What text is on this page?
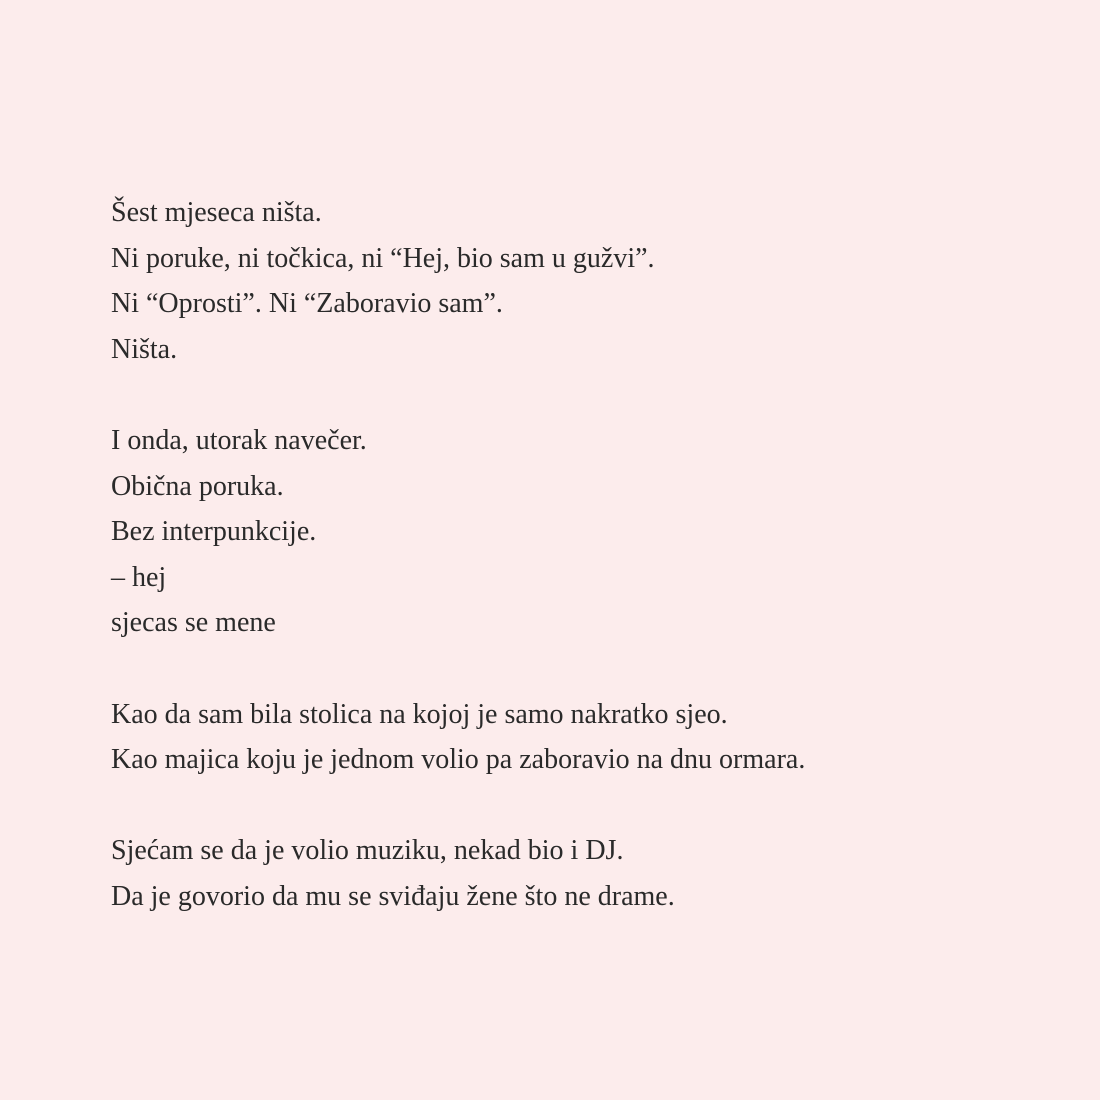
Šest mjeseca ništa.
Ni poruke, ni točkica, ni “Hej, bio sam u gužvi”.
Ni “Oprosti”. Ni “Zaboravio sam”.
Ništa.

I onda, utorak navečer.
Obična poruka.
Bez interpunkcije.
– hej
sjecas se mene

Kao da sam bila stolica na kojoj je samo nakratko sjeo.
Kao majica koju je jednom volio pa zaboravio na dnu ormara.

Sjećam se da je volio muziku, nekad bio i DJ.
Da je govorio da mu se sviđaju žene što ne drame.
